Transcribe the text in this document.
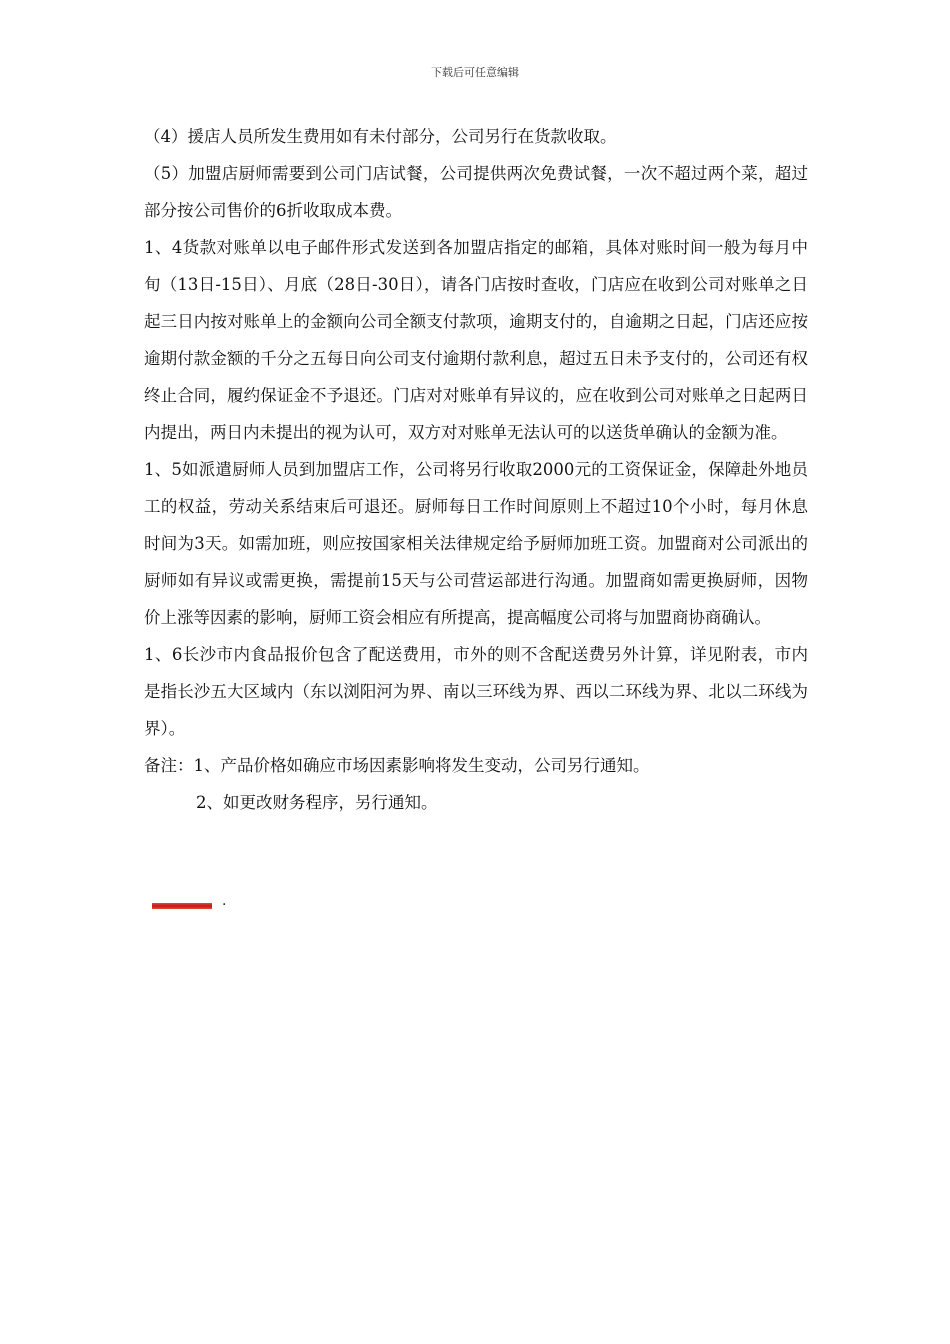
下载后可任意编辑

（4）援店人员所发生费用如有未付部分，公司另行在货款收取。

（5）加盟店厨师需要到公司门店试餐，公司提供两次免费试餐，一次不超过两个菜，超过部分按公司售价的6折收取成本费。

1、4货款对账单以电子邮件形式发送到各加盟店指定的邮箱，具体对账时间一般为每月中旬（13日-15日）、月底（28日-30日），请各门店按时查收，门店应在收到公司对账单之日起三日内按对账单上的金额向公司全额支付款项，逾期支付的，自逾期之日起，门店还应按逾期付款金额的千分之五每日向公司支付逾期付款利息，超过五日未予支付的，公司还有权终止合同，履约保证金不予退还。门店对对账单有异议的，应在收到公司对账单之日起两日内提出，两日内未提出的视为认可，双方对对账单无法认可的以送货单确认的金额为准。

1、5如派遣厨师人员到加盟店工作，公司将另行收取2000元的工资保证金，保障赴外地员工的权益，劳动关系结束后可退还。厨师每日工作时间原则上不超过10个小时，每月休息时间为3天。如需加班，则应按国家相关法律规定给予厨师加班工资。加盟商对公司派出的厨师如有异议或需更换，需提前15天与公司营运部进行沟通。加盟商如需更换厨师，因物价上涨等因素的影响，厨师工资会相应有所提高，提高幅度公司将与加盟商协商确认。

1、6长沙市内食品报价包含了配送费用，市外的则不含配送费另外计算，详见附表，市内是指长沙五大区域内（东以浏阳河为界、南以三环线为界、西以二环线为界、北以二环线为界）。

备注：1、产品价格如确应市场因素影响将发生变动，公司另行通知。

2、如更改财务程序，另行通知。

.
